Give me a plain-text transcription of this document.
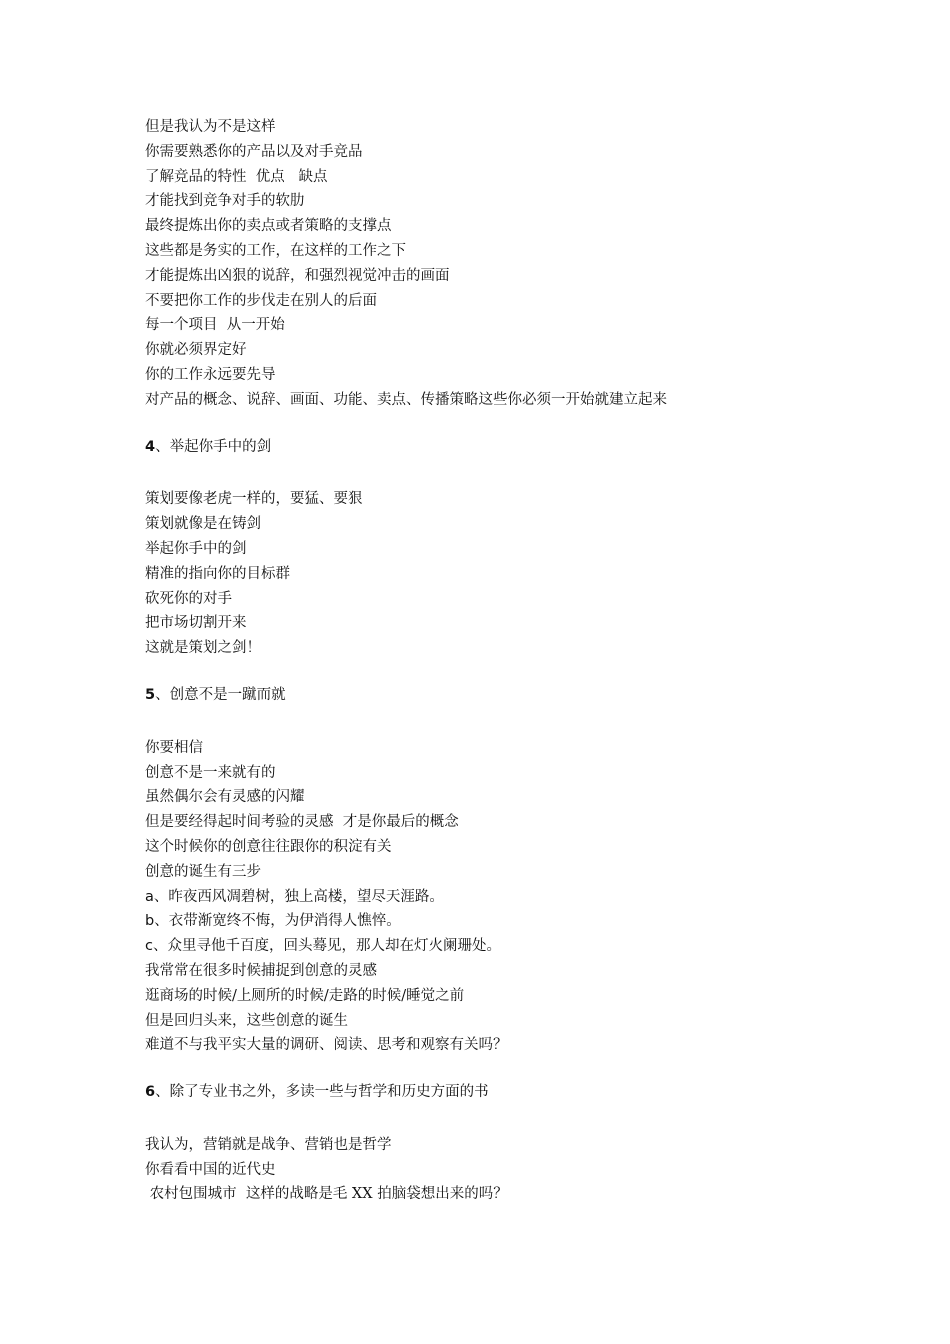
但是我认为不是这样
你需要熟悉你的产品以及对手竞品
了解竞品的特性  优点   缺点
才能找到竞争对手的软肋
最终提炼出你的卖点或者策略的支撑点
这些都是务实的工作，在这样的工作之下
才能提炼出凶狠的说辞，和强烈视觉冲击的画面
不要把你工作的步伐走在别人的后面
每一个项目  从一开始
你就必须界定好
你的工作永远要先导
对产品的概念、说辞、画面、功能、卖点、传播策略这些你必须一开始就建立起来
4、举起你手中的剑
策划要像老虎一样的，要猛、要狠
策划就像是在铸剑
举起你手中的剑
精准的指向你的目标群
砍死你的对手
把市场切割开来
这就是策划之剑！
5、创意不是一蹴而就
你要相信
创意不是一来就有的
虽然偶尔会有灵感的闪耀
但是要经得起时间考验的灵感  才是你最后的概念
这个时候你的创意往往跟你的积淀有关
创意的诞生有三步
a、昨夜西风凋碧树，独上高楼，望尽天涯路。
b、衣带渐宽终不悔，为伊消得人憔悴。
c、众里寻他千百度，回头蓦见，那人却在灯火阑珊处。
我常常在很多时候捕捉到创意的灵感
逛商场的时候/上厕所的时候/走路的时候/睡觉之前
但是回归头来，这些创意的诞生
难道不与我平实大量的调研、阅读、思考和观察有关吗？
6、除了专业书之外，多读一些与哲学和历史方面的书
我认为，营销就是战争、营销也是哲学
你看看中国的近代史
农村包围城市  这样的战略是毛 XX 拍脑袋想出来的吗？
